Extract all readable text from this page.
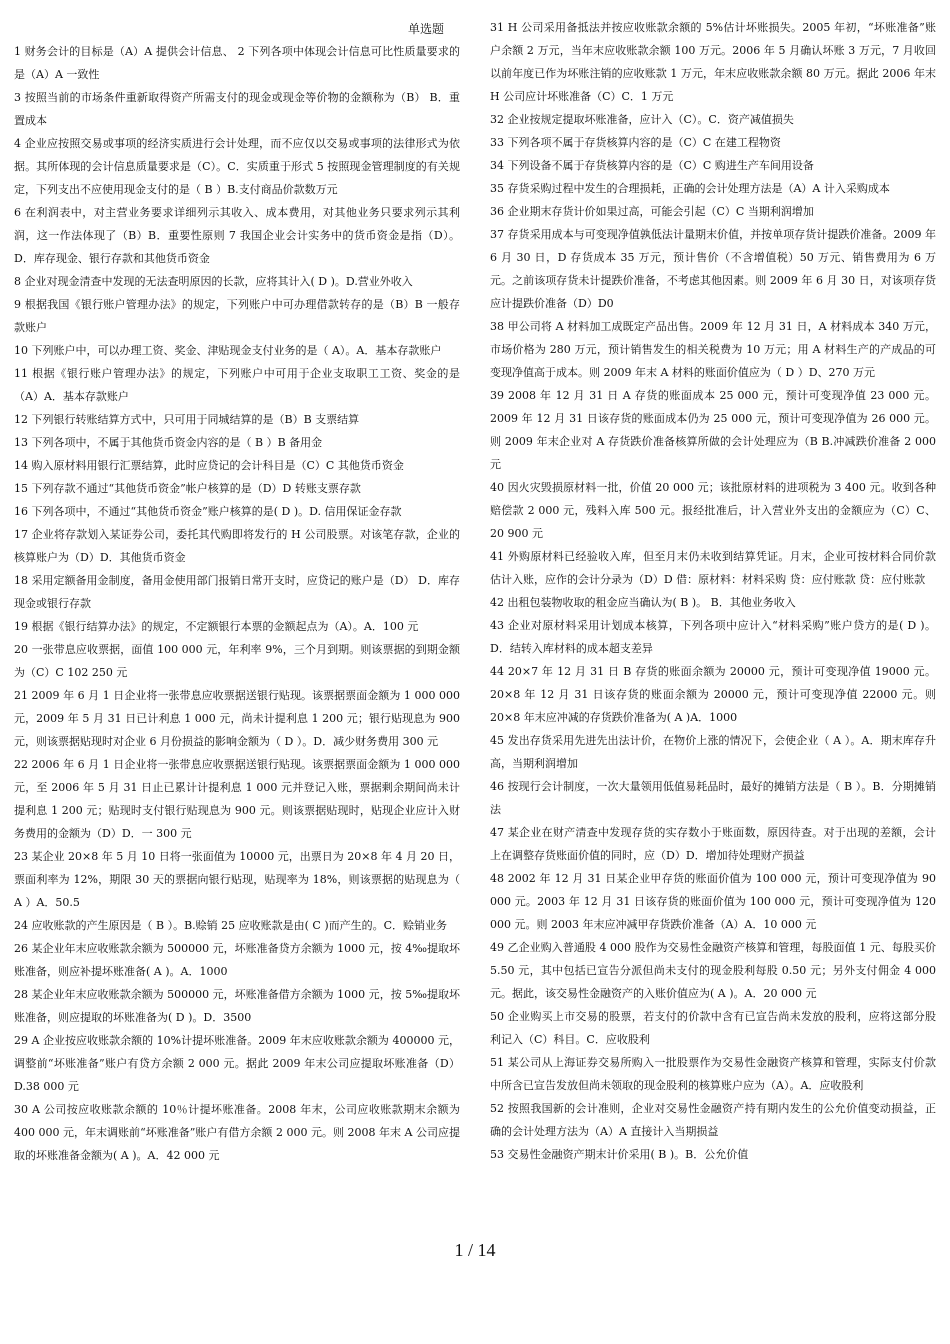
单选题

1 财务会计的目标是（A）A 提供会计信息、 2 下列各项中体现会计信息可比性质量要求的是（A）A 一致性

3 按照当前的市场条件重新取得资产所需支付的现金或现金等价物的金额称为（B） B．重置成本

4 企业应按照交易或事项的经济实质进行会计处理，而不应仅以交易或事项的法律形式为依据。其所体现的会计信息质量要求是（C）。C．实质重于形式 5 按照现金管理制度的有关规定，下列支出不应使用现金支付的是（ B ）B.支付商品价款数万元

6 在利润表中，对主营业务要求详细列示其收入、成本费用，对其他业务只要求列示其利润，这一作法体现了（B）B．重要性原则 7 我国企业会计实务中的货币资金是指（D）。D．库存现金、银行存款和其他货币资金

8 企业对现金清查中发现的无法查明原因的长款，应将其计入( D )。D.营业外收入

9 根据我国《银行账户管理办法》的规定，下列账户中可办理借款转存的是（B）B 一般存款账户

10 下列账户中，可以办理工资、奖金、津贴现金支付业务的是（ A）。A．基本存款账户

11 根据《银行账户管理办法》的规定，下列账户中可用于企业支取职工工资、奖金的是（A）A．基本存款账户

12 下列银行转账结算方式中，只可用于同城结算的是（B）B 支票结算

13 下列各项中，不属于其他货币资金内容的是（ B ）B 备用金

14 购入原材料用银行汇票结算，此时应贷记的会计科目是（C）C 其他货币资金

15 下列存款不通过“其他货币资金”帐户核算的是（D）D 转账支票存款

16 下列各项中，不通过“其他货币资金”账户核算的是( D )。D. 信用保证金存款

17 企业将存款划入某证券公司，委托其代购即将发行的 H 公司股票。对该笔存款，企业的核算账户为（D）D．其他货币资金

18 采用定额备用金制度，备用金使用部门报销日常开支时，应贷记的账户是（D） D．库存现金或银行存款

19 根据《银行结算办法》的规定，不定额银行本票的金额起点为（A）。A．100 元

20 一张带息应收票据，面值 100 000 元，年利率 9%，三个月到期。则该票据的到期金额为（C）C 102 250 元

21 2009 年 6 月 1 日企业将一张带息应收票据送银行贴现。该票据票面金额为 1 000 000 元，2009 年 5 月 31 日已计利息 1 000 元，尚未计提利息 1 200 元；银行贴现息为 900 元，则该票据贴现时对企业 6 月份损益的影响金额为（ D ）。D．减少财务费用 300 元

22 2006 年 6 月 1 日企业将一张带息应收票据送银行贴现。该票据票面金额为 1 000 000 元，至 2006 年 5 月 31 日止已累计计提利息 1 000 元并登记入账，票据剩余期间尚未计提利息 1 200 元；贴现时支付银行贴现息为 900 元。则该票据贴现时，贴现企业应计入财务费用的金额为（D）D．一 300 元

23 某企业 20×8 年 5 月 10 日将一张面值为 10000 元，出票日为 20×8 年 4 月 20 日，票面利率为 12%，期限 30 天的票据向银行贴现，贴现率为 18%，则该票据的贴现息为（ A ）A．50.5

24 应收账款的产生原因是（ B ）。B.赊销 25 应收账款是由( C )而产生的。C．赊销业务

26 某企业年末应收账款余额为 500000 元，坏账准备贷方余额为 1000 元，按 4‰提取坏账准备，则应补提坏账准备( A )。A．1000

28 某企业年末应收账款余额为 500000 元，坏账准备借方余额为 1000 元，按 5‰提取坏账准备，则应提取的坏账准备为( D )。D．3500

29 A 企业按应收账款余额的 10%计提坏账准备。2009 年末应收账款余额为 400000 元，调整前“坏账准备”账户有贷方余额 2 000 元。据此 2009 年末公司应提取坏账准备（D）D.38 000 元

30 A 公司按应收账款余额的 10％计提坏账准备。2008 年末，公司应收账款期末余额为 400 000 元，年末调账前“坏账准备”账户有借方余额 2 000 元。则 2008 年末 A 公司应提取的坏账准备金额为( A )。A．42 000 元

31 H 公司采用备抵法并按应收账款余额的 5%估计坏账损失。2005 年初，“坏账准备”账户余额 2 万元，当年末应收账款余额 100 万元。2006 年 5 月确认坏账 3 万元，7 月收回以前年度已作为坏账注销的应收账款 1 万元，年末应收账款余额 80 万元。据此 2006 年末 H 公司应计坏账准备（C）C．1 万元

32 企业按规定提取坏账准备，应计入（C）。C．资产减值损失

33 下列各项不属于存货核算内容的是（C）C 在建工程物资

34 下列设备不属于存货核算内容的是（C）C 购进生产车间用设备

35 存货采购过程中发生的合理损耗，正确的会计处理方法是（A）A 计入采购成本

36 企业期末存货计价如果过高，可能会引起（C）C 当期利润增加

37 存货采用成本与可变现净值孰低法计量期末价值，并按单项存货计提跌价准备。2009 年 6 月 30 日，D 存货成本 35 万元，预计售价（不含增值税）50 万元、销售费用为 6 万元。之前该项存货未计提跌价准备，不考虑其他因素。则 2009 年 6 月 30 日，对该项存货应计提跌价准备（D）D0

38 甲公司将 A 材料加工成既定产品出售。2009 年 12 月 31 日，A 材料成本 340 万元，市场价格为 280 万元，预计销售发生的相关税费为 10 万元；用 A 材料生产的产成品的可变现净值高于成本。则 2009 年末 A 材料的账面价值应为（ D ）D、270 万元

39 2008 年 12 月 31 日 A 存货的账面成本 25 000 元，预计可变现净值 23 000 元。2009 年 12 月 31 日该存货的账面成本仍为 25 000 元，预计可变现净值为 26 000 元。则 2009 年末企业对 A 存货跌价准备核算所做的会计处理应为（B B.冲减跌价准备 2 000 元

40 因火灾毁损原材料一批，价值 20 000 元；该批原材料的进项税为 3 400 元。收到各种赔偿款 2 000 元，残料入库 500 元。报经批准后，计入营业外支出的金额应为（C）C、20 900 元

41 外购原材料已经验收入库，但至月末仍未收到结算凭证。月末，企业可按材料合同价款估计入账，应作的会计分录为（D）D 借：原材料：材料采购 贷：应付账款 贷：应付账款

42 出租包装物收取的租金应当确认为( B )。 B．其他业务收入

43 企业对原材料采用计划成本核算，下列各项中应计入“材料采购”账户贷方的是( D )。D．结转入库材料的成本超支差异

44 20×7 年 12 月 31 日 B 存货的账面余额为 20000 元，预计可变现净值 19000 元。20×8 年 12 月 31 日该存货的账面余额为 20000 元，预计可变现净值 22000 元。则 20×8 年末应冲减的存货跌价准备为( A )A．1000

45 发出存货采用先进先出法计价，在物价上涨的情况下，会使企业（ A ）。A．期末库存升高，当期利润增加

46 按现行会计制度，一次大量领用低值易耗品时，最好的摊销方法是（ B ）。B．分期摊销法

47 某企业在财产清查中发现存货的实存数小于账面数，原因待查。对于出现的差额，会计上在调整存货账面价值的同时，应（D）D．增加待处理财产损益

48 2002 年 12 月 31 日某企业甲存货的账面价值为 100 000 元，预计可变现净值为 90 000 元。2003 年 12 月 31 日该存货的账面价值为 100 000 元，预计可变现净值为 120 000 元。则 2003 年末应冲减甲存货跌价准备（A）A．10 000 元

49 乙企业购入普通股 4 000 股作为交易性金融资产核算和管理，每股面值 1 元、每股买价 5.50 元，其中包括已宣告分派但尚未支付的现金股利每股 0.50 元；另外支付佣金 4 000 元。据此，该交易性金融资产的入账价值应为( A )。A．20 000 元

50 企业购买上市交易的股票，若支付的价款中含有已宣告尚未发放的股利，应将这部分股利记入（C）科目。C．应收股利

51 某公司从上海证券交易所购入一批股票作为交易性金融资产核算和管理，实际支付价款中所含已宣告发放但尚未领取的现金股利的核算账户应为（A）。A．应收股利

52 按照我国新的会计准则，企业对交易性金融资产持有期内发生的公允价值变动损益，正确的会计处理方法为（A）A 直接计入当期损益

53 交易性金融资产期末计价采用( B )。B．公允价值

1 / 14
